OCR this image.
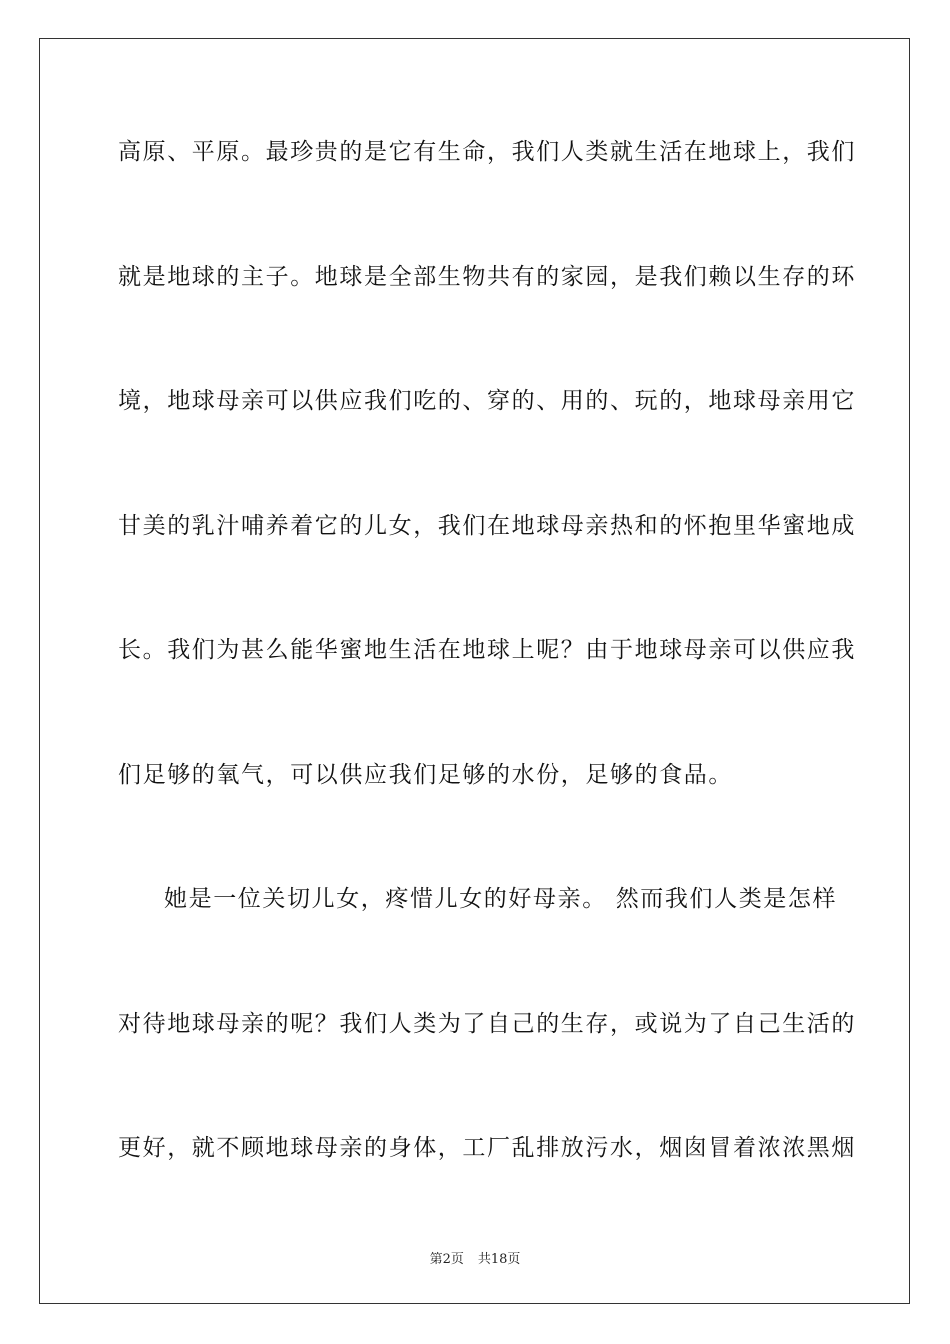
高原、平原。最珍贵的是它有生命，我们人类就生活在地球上，我们
就是地球的主子。地球是全部生物共有的家园，是我们赖以生存的环
境，地球母亲可以供应我们吃的、穿的、用的、玩的，地球母亲用它
甘美的乳汁哺养着它的儿女，我们在地球母亲热和的怀抱里华蜜地成
长。我们为甚么能华蜜地生活在地球上呢？由于地球母亲可以供应我
们足够的氧气，可以供应我们足够的水份，足够的食品。
她是一位关切儿女，疼惜儿女的好母亲。 然而我们人类是怎样
对待地球母亲的呢？我们人类为了自己的生存，或说为了自己生活的
更好，就不顾地球母亲的身体，工厂乱排放污水，烟囱冒着浓浓黑烟
第2页 共18页
